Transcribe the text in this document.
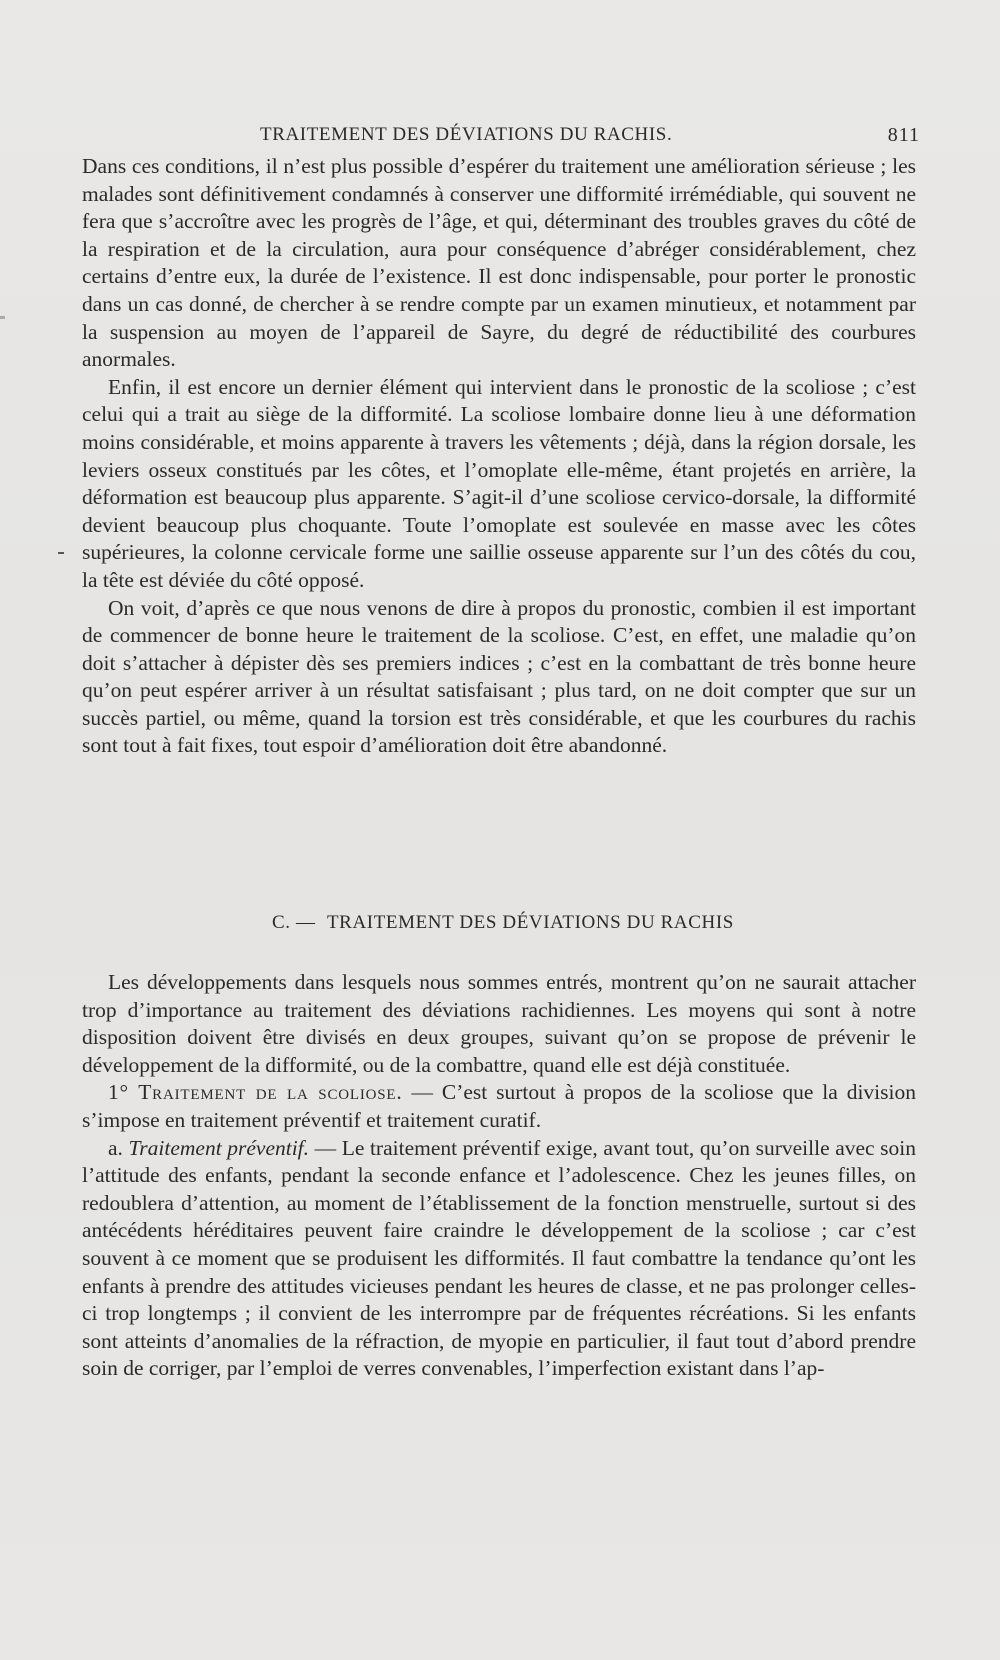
TRAITEMENT DES DÉVIATIONS DU RACHIS.	811

Dans ces conditions, il n’est plus possible d’espérer du traitement une amélioration sérieuse ; les malades sont définitivement condamnés à conserver une difformité irrémédiable, qui souvent ne fera que s’accroître avec les progrès de l’âge, et qui, déterminant des troubles graves du côté de la respiration et de la circulation, aura pour conséquence d’abréger considérablement, chez certains d’entre eux, la durée de l’existence. Il est donc indispensable, pour porter le pronostic dans un cas donné, de chercher à se rendre compte par un examen minutieux, et notamment par la suspension au moyen de l’appareil de Sayre, du degré de réductibilité des courbures anormales.

Enfin, il est encore un dernier élément qui intervient dans le pronostic de la scoliose ; c’est celui qui a trait au siège de la difformité. La scoliose lombaire donne lieu à une déformation moins considérable, et moins apparente à travers les vêtements ; déjà, dans la région dorsale, les leviers osseux constitués par les côtes, et l’omoplate elle-même, étant projetés en arrière, la déformation est beaucoup plus apparente. S’agit-il d’une scoliose cervico-dorsale, la difformité devient beaucoup plus choquante. Toute l’omoplate est soulevée en masse avec les côtes supérieures, la colonne cervicale forme une saillie osseuse apparente sur l’un des côtés du cou, la tête est déviée du côté opposé.

On voit, d’après ce que nous venons de dire à propos du pronostic, combien il est important de commencer de bonne heure le traitement de la scoliose. C’est, en effet, une maladie qu’on doit s’attacher à dépister dès ses premiers indices ; c’est en la combattant de très bonne heure qu’on peut espérer arriver à un résultat satisfaisant ; plus tard, on ne doit compter que sur un succès partiel, ou même, quand la torsion est très considérable, et que les courbures du rachis sont tout à fait fixes, tout espoir d’amélioration doit être abandonné.

C. — TRAITEMENT DES DÉVIATIONS DU RACHIS

Les développements dans lesquels nous sommes entrés, montrent qu’on ne saurait attacher trop d’importance au traitement des déviations rachidiennes. Les moyens qui sont à notre disposition doivent être divisés en deux groupes, suivant qu’on se propose de prévenir le développement de la difformité, ou de la combattre, quand elle est déjà constituée.

1° Traitement de la scoliose. — C’est surtout à propos de la scoliose que la division s’impose en traitement préventif et traitement curatif.

a. Traitement préventif. — Le traitement préventif exige, avant tout, qu’on surveille avec soin l’attitude des enfants, pendant la seconde enfance et l’adolescence. Chez les jeunes filles, on redoublera d’attention, au moment de l’établissement de la fonction menstruelle, surtout si des antécédents héréditaires peuvent faire craindre le développement de la scoliose ; car c’est souvent à ce moment que se produisent les difformités. Il faut combattre la tendance qu’ont les enfants à prendre des attitudes vicieuses pendant les heures de classe, et ne pas prolonger celles-ci trop longtemps ; il convient de les interrompre par de fréquentes récréations. Si les enfants sont atteints d’anomalies de la réfraction, de myopie en particulier, il faut tout d’abord prendre soin de corriger, par l’emploi de verres convenables, l’imperfection existant dans l’ap-
